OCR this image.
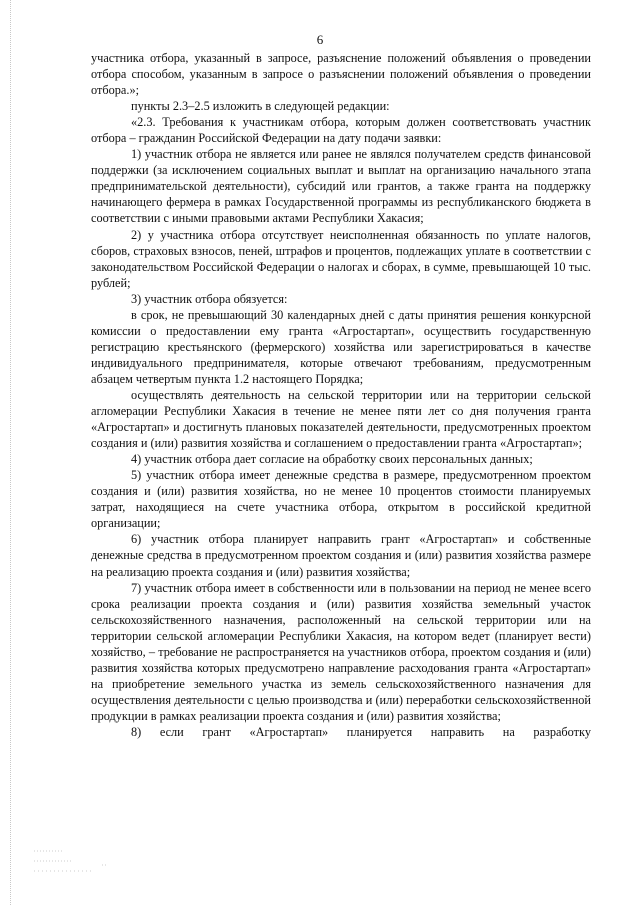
6

участника отбора, указанный в запросе, разъяснение положений объявления о проведении отбора способом, указанным в запросе о разъяснении положений объявления о проведении отбора.»;

пункты 2.3–2.5 изложить в следующей редакции:

«2.3. Требования к участникам отбора, которым должен соответствовать участник отбора – гражданин Российской Федерации на дату подачи заявки:

1) участник отбора не является или ранее не являлся получателем средств финансовой поддержки (за исключением социальных выплат и выплат на организацию начального этапа предпринимательской деятельности), субсидий или грантов, а также гранта на поддержку начинающего фермера в рамках Государственной программы из республиканского бюджета в соответствии с иными правовыми актами Республики Хакасия;

2) у участника отбора отсутствует неисполненная обязанность по уплате налогов, сборов, страховых взносов, пеней, штрафов и процентов, подлежащих уплате в соответствии с законодательством Российской Федерации о налогах и сборах, в сумме, превышающей 10 тыс. рублей;

3) участник отбора обязуется:

в срок, не превышающий 30 календарных дней с даты принятия решения конкурсной комиссии о предоставлении ему гранта «Агростартап», осуществить государственную регистрацию крестьянского (фермерского) хозяйства или зарегистрироваться в качестве индивидуального предпринимателя, которые отвечают требованиям, предусмотренным абзацем четвертым пункта 1.2 настоящего Порядка;

осуществлять деятельность на сельской территории или на территории сельской агломерации Республики Хакасия в течение не менее пяти лет со дня получения гранта «Агростартап» и достигнуть плановых показателей деятельности, предусмотренных проектом создания и (или) развития хозяйства и соглашением о предоставлении гранта «Агростартап»;

4) участник отбора дает согласие на обработку своих персональных данных;

5) участник отбора имеет денежные средства в размере, предусмотренном проектом создания и (или) развития хозяйства, но не менее 10 процентов стоимости планируемых затрат, находящиеся на счете участника отбора, открытом в российской кредитной организации;

6) участник отбора планирует направить грант «Агростартап» и собственные денежные средства в предусмотренном проектом создания и (или) развития хозяйства размере на реализацию проекта создания и (или) развития хозяйства;

7) участник отбора имеет в собственности или в пользовании на период не менее всего срока реализации проекта создания и (или) развития хозяйства земельный участок сельскохозяйственного назначения, расположенный на сельской территории или на территории сельской агломерации Республики Хакасия, на котором ведет (планирует вести) хозяйство, – требование не распространяется на участников отбора, проектом создания и (или) развития хозяйства которых предусмотрено направление расходования гранта «Агростартап» на приобретение земельного участка из земель сельскохозяйственного назначения для осуществления деятельности с целью производства и (или) переработки сельскохозяйственной продукции в рамках реализации проекта создания и (или) развития хозяйства;

8) если грант «Агростартап» планируется направить на разработку
